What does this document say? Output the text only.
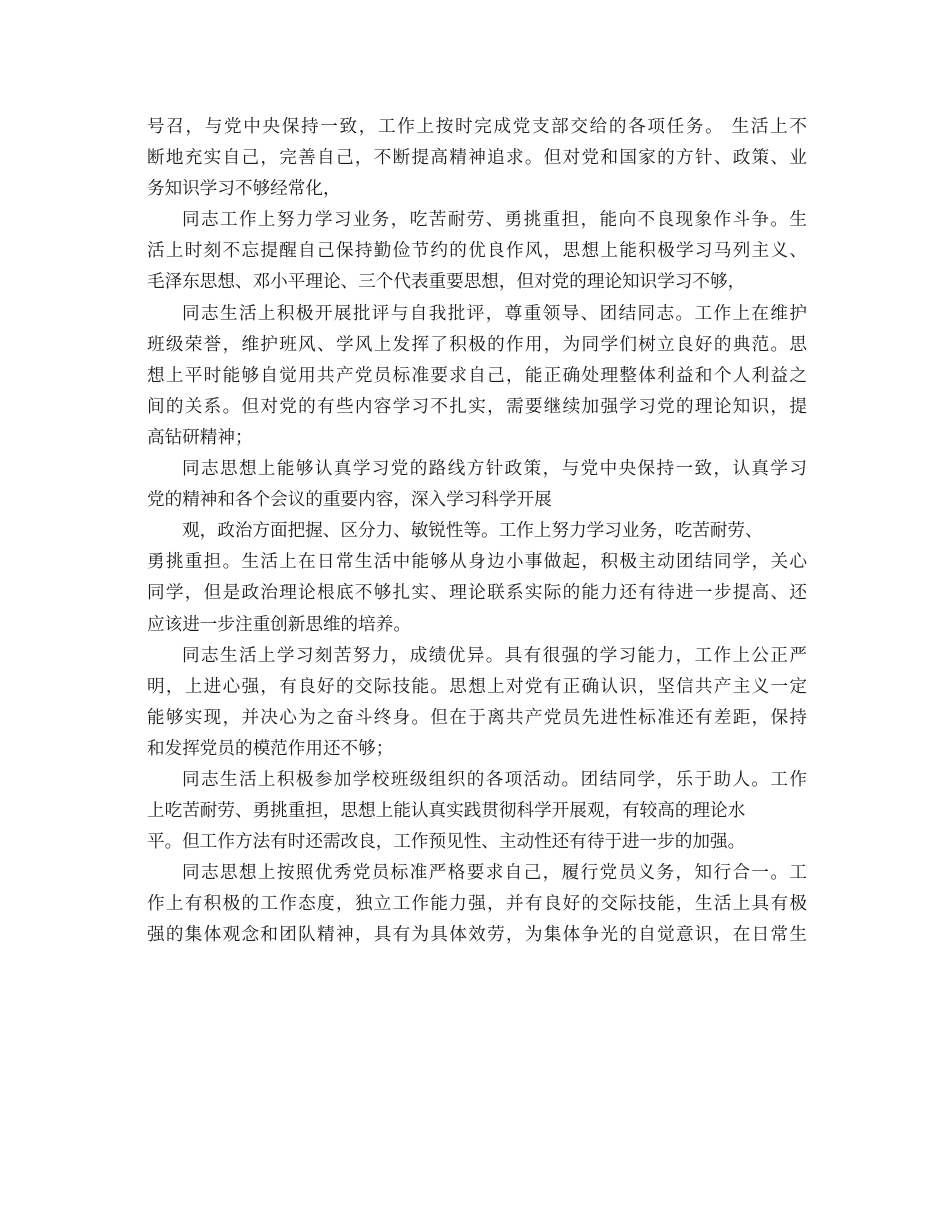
号召，与党中央保持一致，工作上按时完成党支部交给的各项任务。 生活上不
断地充实自己，完善自己，不断提高精神追求。但对党和国家的方针、政策、业
务知识学习不够经常化，
同志工作上努力学习业务，吃苦耐劳、勇挑重担，能向不良现象作斗争。生
活上时刻不忘提醒自己保持勤俭节约的优良作风，思想上能积极学习马列主义、
毛泽东思想、邓小平理论、三个代表重要思想，但对党的理论知识学习不够，
同志生活上积极开展批评与自我批评，尊重领导、团结同志。工作上在维护
班级荣誉，维护班风、学风上发挥了积极的作用，为同学们树立良好的典范。思
想上平时能够自觉用共产党员标准要求自己，能正确处理整体利益和个人利益之
间的关系。但对党的有些内容学习不扎实，需要继续加强学习党的理论知识，提
高钻研精神；
同志思想上能够认真学习党的路线方针政策，与党中央保持一致，认真学习
党的精神和各个会议的重要内容，深入学习科学开展
观，政治方面把握、区分力、敏锐性等。工作上努力学习业务，吃苦耐劳、
勇挑重担。生活上在日常生活中能够从身边小事做起，积极主动团结同学，关心
同学，但是政治理论根底不够扎实、理论联系实际的能力还有待进一步提高、还
应该进一步注重创新思维的培养。
同志生活上学习刻苦努力，成绩优异。具有很强的学习能力，工作上公正严
明，上进心强，有良好的交际技能。思想上对党有正确认识，坚信共产主义一定
能够实现，并决心为之奋斗终身。但在于离共产党员先进性标准还有差距，保持
和发挥党员的模范作用还不够；
同志生活上积极参加学校班级组织的各项活动。团结同学，乐于助人。工作
上吃苦耐劳、勇挑重担，思想上能认真实践贯彻科学开展观，有较高的理论水
平。但工作方法有时还需改良，工作预见性、主动性还有待于进一步的加强。
同志思想上按照优秀党员标准严格要求自己，履行党员义务，知行合一。工
作上有积极的工作态度，独立工作能力强，并有良好的交际技能，生活上具有极
强的集体观念和团队精神，具有为具体效劳，为集体争光的自觉意识，在日常生
